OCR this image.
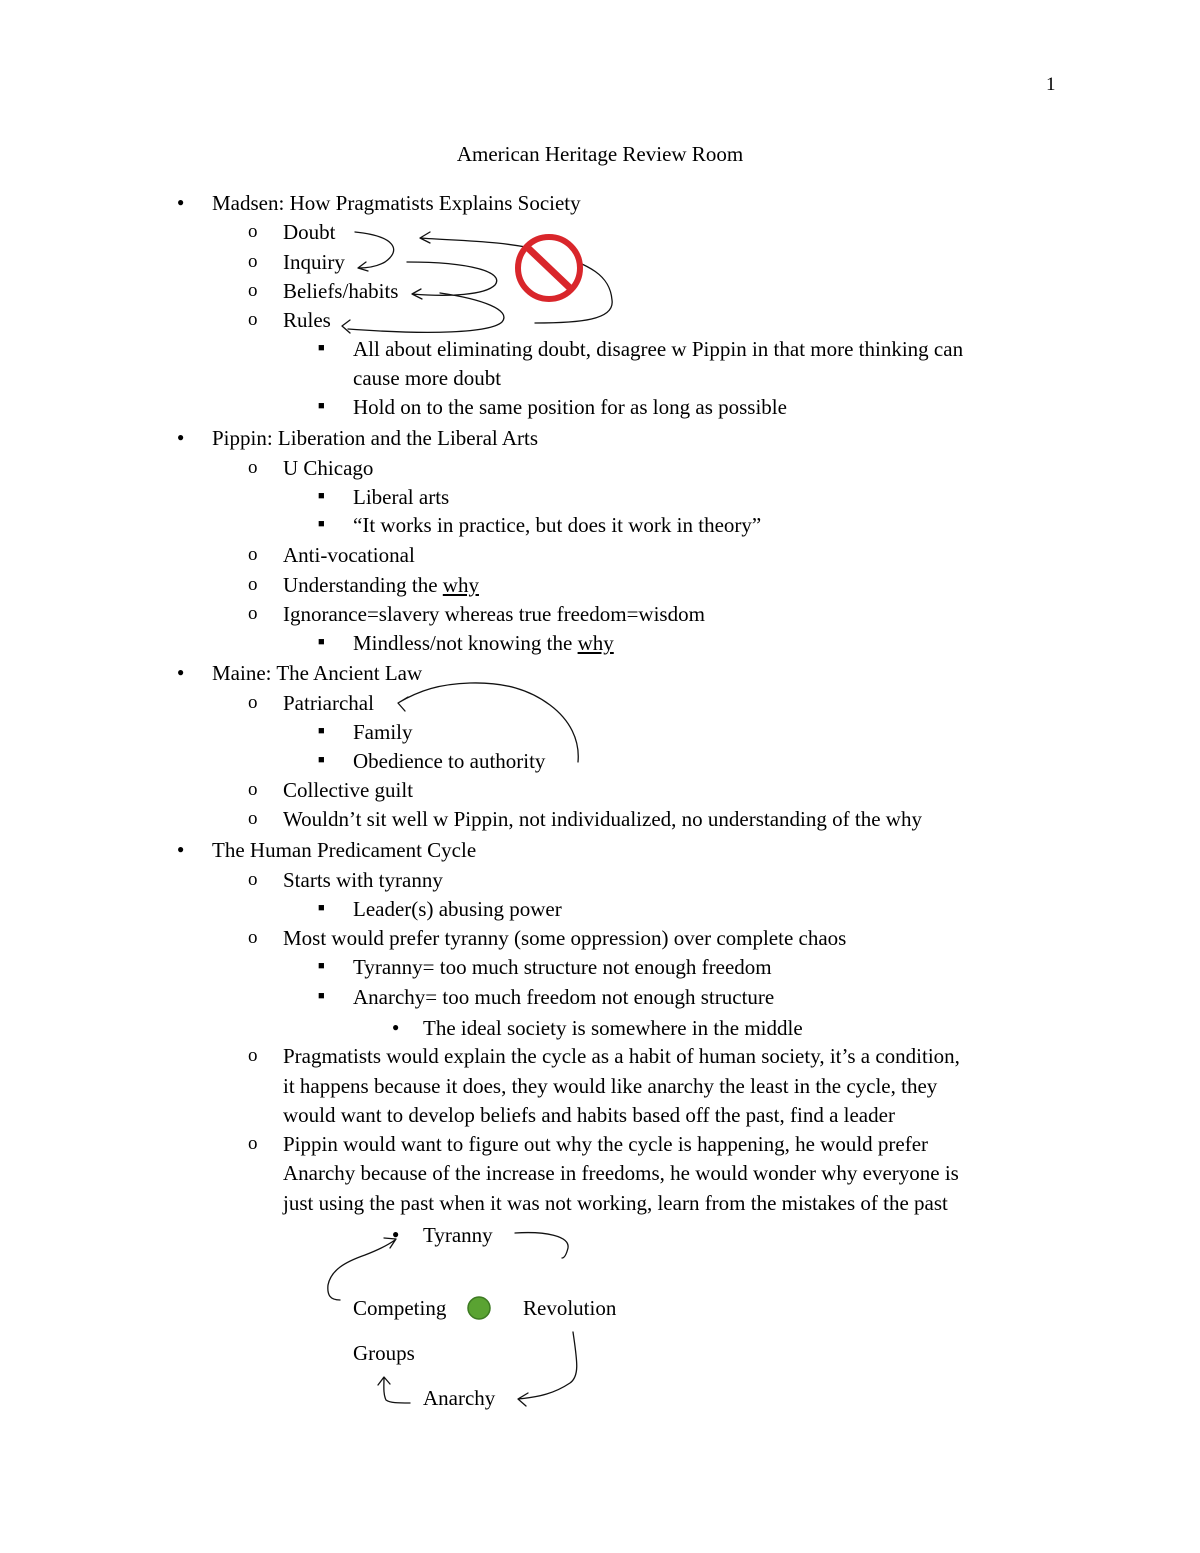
1
American Heritage Review Room
● Madsen: How Pragmatists Explains Society
o Doubt
o Inquiry
o Beliefs/habits
o Rules
■ All about eliminating doubt, disagree w Pippin in that more thinking can
cause more doubt
■ Hold on to the same position for as long as possible
● Pippin: Liberation and the Liberal Arts
o U Chicago
■ Liberal arts
■ “It works in practice, but does it work in theory”
o Anti-vocational
o Understanding the why
o Ignorance=slavery whereas true freedom=wisdom
■ Mindless/not knowing the why
● Maine: The Ancient Law
o Patriarchal
■ Family
■ Obedience to authority
o Collective guilt
o Wouldn’t sit well w Pippin, not individualized, no understanding of the why
● The Human Predicament Cycle
o Starts with tyranny
■ Leader(s) abusing power
o Most would prefer tyranny (some oppression) over complete chaos
■ Tyranny= too much structure not enough freedom
■ Anarchy= too much freedom not enough structure
● The ideal society is somewhere in the middle
o Pragmatists would explain the cycle as a habit of human society, it’s a condition,
it happens because it does, they would like anarchy the least in the cycle, they
would want to develop beliefs and habits based off the past, find a leader
o Pippin would want to figure out why the cycle is happening, he would prefer
Anarchy because of the increase in freedoms, he would wonder why everyone is
just using the past when it was not working, learn from the mistakes of the past
● Tyranny
Revolution
Competing
Groups
Anarchy
